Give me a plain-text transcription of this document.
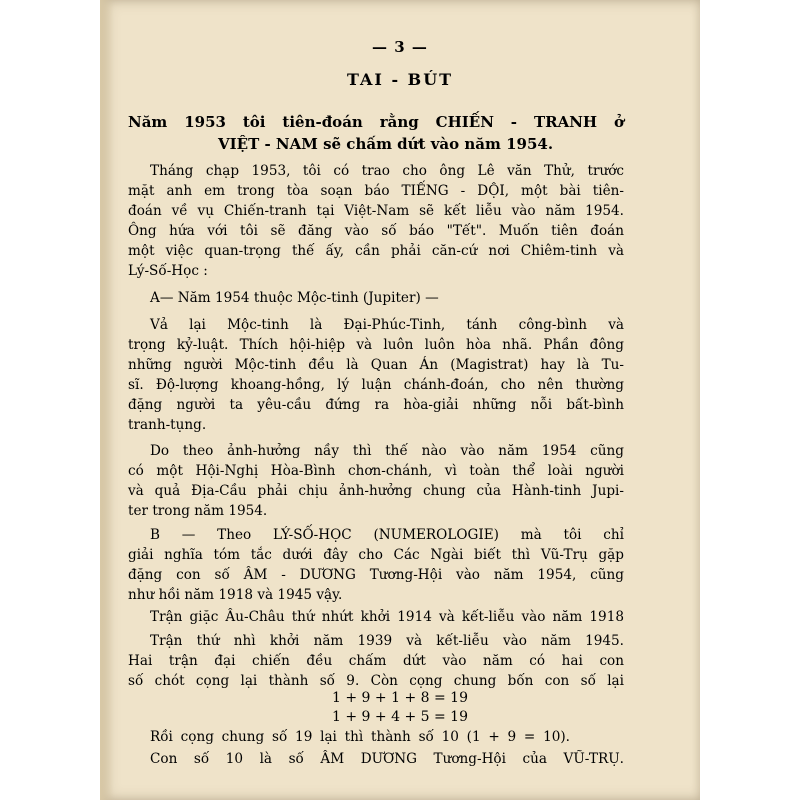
— 3 —
TAI - BÚT
Năm 1953 tôi tiên-đoán rằng CHIẾN - TRANH ở
VIỆT - NAM sẽ chấm dứt vào năm 1954.
Tháng chạp 1953, tôi có trao cho ông Lê văn Thử, trước
mặt anh em trong tòa soạn báo TIẾNG - DỘI, một bài tiên-
đoán về vụ Chiến-tranh tại Việt-Nam sẽ kết liễu vào năm 1954.
Ông hứa với tôi sẽ đăng vào số báo "Tết". Muốn tiên đoán
một việc quan-trọng thế ấy, cần phải căn-cứ nơi Chiêm-tinh và
Lý-Số-Học :
A— Năm 1954 thuộc Mộc-tinh (Jupiter) —
Vả lại Mộc-tinh là Đại-Phúc-Tinh, tánh công-bình và
trọng kỷ-luật. Thích hội-hiệp và luôn luôn hòa nhã. Phần đông
những người Mộc-tinh đều là Quan Án (Magistrat) hay là Tu-
sĩ. Độ-lượng khoang-hồng, lý luận chánh-đoán, cho nên thường
đặng người ta yêu-cầu đứng ra hòa-giải những nỗi bất-bình
tranh-tụng.
Do theo ảnh-hưởng nầy thì thế nào vào năm 1954 cũng
có một Hội-Nghị Hòa-Bình chơn-chánh, vì toàn thể loài người
và quả Địa-Cầu phải chịu ảnh-hưởng chung của Hành-tinh Jupi-
ter trong năm 1954.
B — Theo LÝ-SỐ-HỌC (NUMEROLOGIE) mà tôi chỉ
giải nghĩa tóm tắc dưới đây cho Các Ngài biết thì Vũ-Trụ gặp
đặng con số ÂM - DƯƠNG Tương-Hội vào năm 1954, cũng
như hồi năm 1918 và 1945 vậy.
Trận giặc Âu-Châu thứ nhứt khởi 1914 và kết-liễu vào năm 1918
Trận thứ nhì khởi năm 1939 và kết-liễu vào năm 1945.
Hai trận đại chiến đều chấm dứt vào năm có hai con
số chót cọng lại thành số 9. Còn cọng chung bốn con số lại
1 + 9 + 1 + 8 = 19
1 + 9 + 4 + 5 = 19
Rồi cọng chung số 19 lại thì thành số 10 (1 + 9 = 10).
Con số 10 là số ÂM DƯƠNG Tương-Hội của VŨ-TRỤ.
